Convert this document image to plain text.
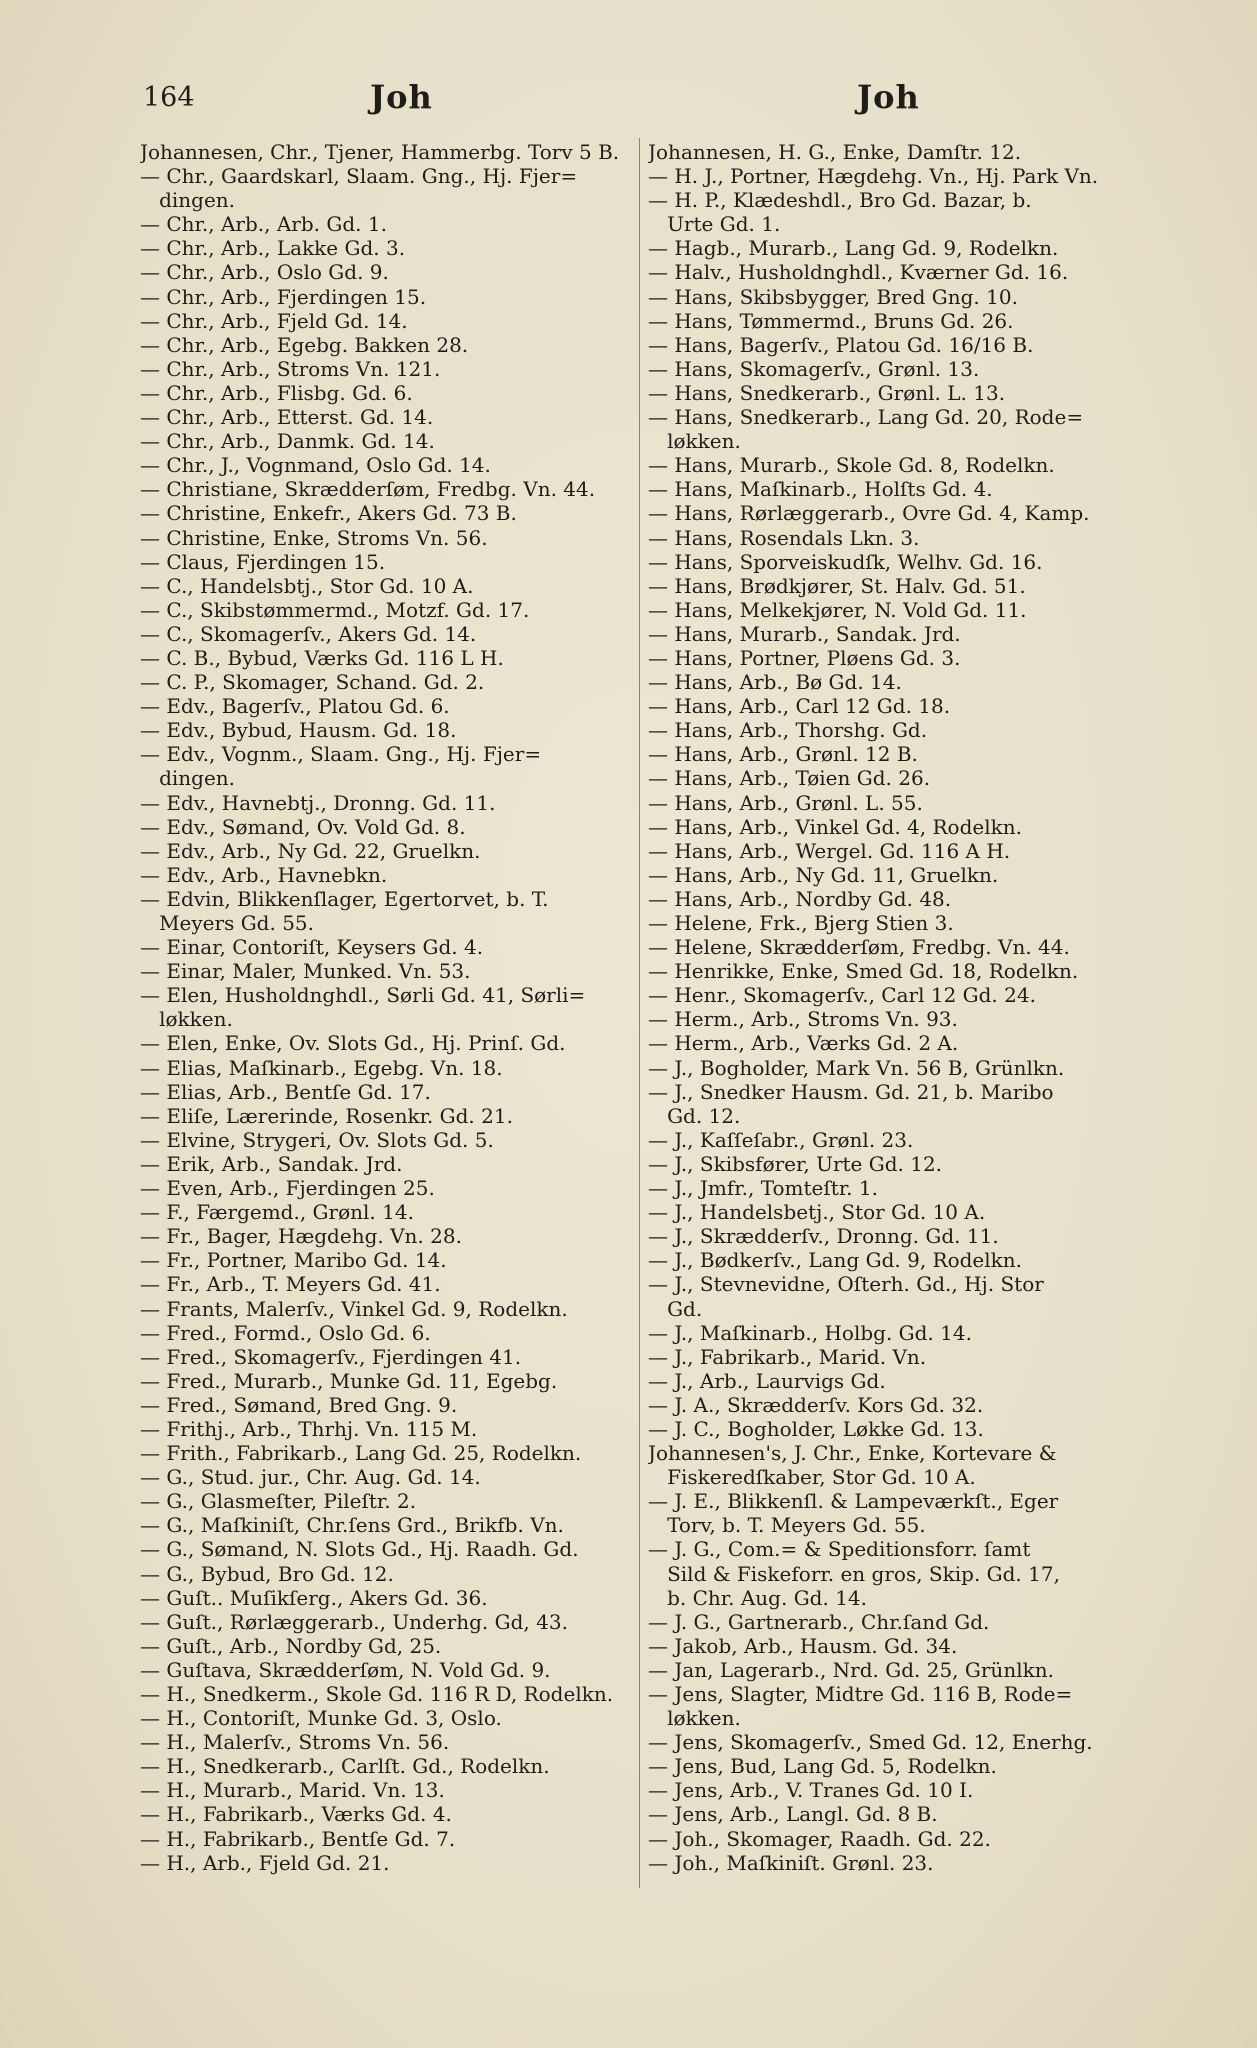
164	Joh	Joh
Johannesen, Chr., Tjener, Hammerbg. Torv 5 B.
— Chr., Gaardskarl, Slaam. Gng., Hj. Fjer=
dingen.
— Chr., Arb., Arb. Gd. 1.
— Chr., Arb., Lakke Gd. 3.
— Chr., Arb., Oslo Gd. 9.
— Chr., Arb., Fjerdingen 15.
— Chr., Arb., Fjeld Gd. 14.
— Chr., Arb., Egebg. Bakken 28.
— Chr., Arb., Stroms Vn. 121.
— Chr., Arb., Flisbg. Gd. 6.
— Chr., Arb., Etterst. Gd. 14.
— Chr., Arb., Danmk. Gd. 14.
— Chr., J., Vognmand, Oslo Gd. 14.
— Christiane, Skrædderſøm, Fredbg. Vn. 44.
— Christine, Enkefr., Akers Gd. 73 B.
— Christine, Enke, Stroms Vn. 56.
— Claus, Fjerdingen 15.
— C., Handelsbtj., Stor Gd. 10 A.
— C., Skibstømmermd., Motzf. Gd. 17.
— C., Skomagerſv., Akers Gd. 14.
— C. B., Bybud, Værks Gd. 116 L H.
— C. P., Skomager, Schand. Gd. 2.
— Edv., Bagerſv., Platou Gd. 6.
— Edv., Bybud, Hausm. Gd. 18.
— Edv., Vognm., Slaam. Gng., Hj. Fjer=
dingen.
— Edv., Havnebtj., Dronng. Gd. 11.
— Edv., Sømand, Ov. Vold Gd. 8.
— Edv., Arb., Ny Gd. 22, Gruelkn.
— Edv., Arb., Havnebkn.
— Edvin, Blikkenſlager, Egertorvet, b. T.
Meyers Gd. 55.
— Einar, Contoriſt, Keysers Gd. 4.
— Einar, Maler, Munked. Vn. 53.
— Elen, Husholdnghdl., Sørli Gd. 41, Sørli=
løkken.
— Elen, Enke, Ov. Slots Gd., Hj. Prinſ. Gd.
— Elias, Maſkinarb., Egebg. Vn. 18.
— Elias, Arb., Bentſe Gd. 17.
— Eliſe, Lærerinde, Rosenkr. Gd. 21.
— Elvine, Strygeri, Ov. Slots Gd. 5.
— Erik, Arb., Sandak. Jrd.
— Even, Arb., Fjerdingen 25.
— F., Færgemd., Grønl. 14.
— Fr., Bager, Hægdehg. Vn. 28.
— Fr., Portner, Maribo Gd. 14.
— Fr., Arb., T. Meyers Gd. 41.
— Frants, Malerſv., Vinkel Gd. 9, Rodelkn.
— Fred., Formd., Oslo Gd. 6.
— Fred., Skomagerſv., Fjerdingen 41.
— Fred., Murarb., Munke Gd. 11, Egebg.
— Fred., Sømand, Bred Gng. 9.
— Frithj., Arb., Thrhj. Vn. 115 M.
— Frith., Fabrikarb., Lang Gd. 25, Rodelkn.
— G., Stud. jur., Chr. Aug. Gd. 14.
— G., Glasmeſter, Pileſtr. 2.
— G., Maſkiniſt, Chr.ſens Grd., Brikfb. Vn.
— G., Sømand, N. Slots Gd., Hj. Raadh. Gd.
— G., Bybud, Bro Gd. 12.
— Guſt.. Muſikſerg., Akers Gd. 36.
— Guſt., Rørlæggerarb., Underhg. Gd, 43.
— Guſt., Arb., Nordby Gd, 25.
— Guſtava, Skrædderſøm, N. Vold Gd. 9.
— H., Snedkerm., Skole Gd. 116 R D, Rodelkn.
— H., Contoriſt, Munke Gd. 3, Oslo.
— H., Malerſv., Stroms Vn. 56.
— H., Snedkerarb., Carlſt. Gd., Rodelkn.
— H., Murarb., Marid. Vn. 13.
— H., Fabrikarb., Værks Gd. 4.
— H., Fabrikarb., Bentſe Gd. 7.
— H., Arb., Fjeld Gd. 21.
Johannesen, H. G., Enke, Damſtr. 12.
— H. J., Portner, Hægdehg. Vn., Hj. Park Vn.
— H. P., Klædeshdl., Bro Gd. Bazar, b.
Urte Gd. 1.
— Hagb., Murarb., Lang Gd. 9, Rodelkn.
— Halv., Husholdnghdl., Kværner Gd. 16.
— Hans, Skibsbygger, Bred Gng. 10.
— Hans, Tømmermd., Bruns Gd. 26.
— Hans, Bagerſv., Platou Gd. 16/16 B.
— Hans, Skomagerſv., Grønl. 13.
— Hans, Snedkerarb., Grønl. L. 13.
— Hans, Snedkerarb., Lang Gd. 20, Rode=
løkken.
— Hans, Murarb., Skole Gd. 8, Rodelkn.
— Hans, Maſkinarb., Holſts Gd. 4.
— Hans, Rørlæggerarb., Ovre Gd. 4, Kamp.
— Hans, Rosendals Lkn. 3.
— Hans, Sporveiskudſk, Welhv. Gd. 16.
— Hans, Brødkjører, St. Halv. Gd. 51.
— Hans, Melkekjører, N. Vold Gd. 11.
— Hans, Murarb., Sandak. Jrd.
— Hans, Portner, Pløens Gd. 3.
— Hans, Arb., Bø Gd. 14.
— Hans, Arb., Carl 12 Gd. 18.
— Hans, Arb., Thorshg. Gd.
— Hans, Arb., Grønl. 12 B.
— Hans, Arb., Tøien Gd. 26.
— Hans, Arb., Grønl. L. 55.
— Hans, Arb., Vinkel Gd. 4, Rodelkn.
— Hans, Arb., Wergel. Gd. 116 A H.
— Hans, Arb., Ny Gd. 11, Gruelkn.
— Hans, Arb., Nordby Gd. 48.
— Helene, Frk., Bjerg Stien 3.
— Helene, Skrædderſøm, Fredbg. Vn. 44.
— Henrikke, Enke, Smed Gd. 18, Rodelkn.
— Henr., Skomagerſv., Carl 12 Gd. 24.
— Herm., Arb., Stroms Vn. 93.
— Herm., Arb., Værks Gd. 2 A.
— J., Bogholder, Mark Vn. 56 B, Grünlkn.
— J., Snedker Hausm. Gd. 21, b. Maribo
Gd. 12.
— J., Kaſſeſabr., Grønl. 23.
— J., Skibsfører, Urte Gd. 12.
— J., Jmfr., Tomteſtr. 1.
— J., Handelsbetj., Stor Gd. 10 A.
— J., Skrædderſv., Dronng. Gd. 11.
— J., Bødkerſv., Lang Gd. 9, Rodelkn.
— J., Stevnevidne, Oſterh. Gd., Hj. Stor
Gd.
— J., Maſkinarb., Holbg. Gd. 14.
— J., Fabrikarb., Marid. Vn.
— J., Arb., Laurvigs Gd.
— J. A., Skrædderſv. Kors Gd. 32.
— J. C., Bogholder, Løkke Gd. 13.
Johannesen's, J. Chr., Enke, Kortevare &
Fiskeredſkaber, Stor Gd. 10 A.
— J. E., Blikkenſl. & Lampeværkſt., Eger
Torv, b. T. Meyers Gd. 55.
— J. G., Com.= & Speditionsforr. ſamt
Sild & Fiskeforr. en gros, Skip. Gd. 17,
b. Chr. Aug. Gd. 14.
— J. G., Gartnerarb., Chr.ſand Gd.
— Jakob, Arb., Hausm. Gd. 34.
— Jan, Lagerarb., Nrd. Gd. 25, Grünlkn.
— Jens, Slagter, Midtre Gd. 116 B, Rode=
løkken.
— Jens, Skomagerſv., Smed Gd. 12, Enerhg.
— Jens, Bud, Lang Gd. 5, Rodelkn.
— Jens, Arb., V. Tranes Gd. 10 I.
— Jens, Arb., Langl. Gd. 8 B.
— Joh., Skomager, Raadh. Gd. 22.
— Joh., Maſkiniſt. Grønl. 23.
